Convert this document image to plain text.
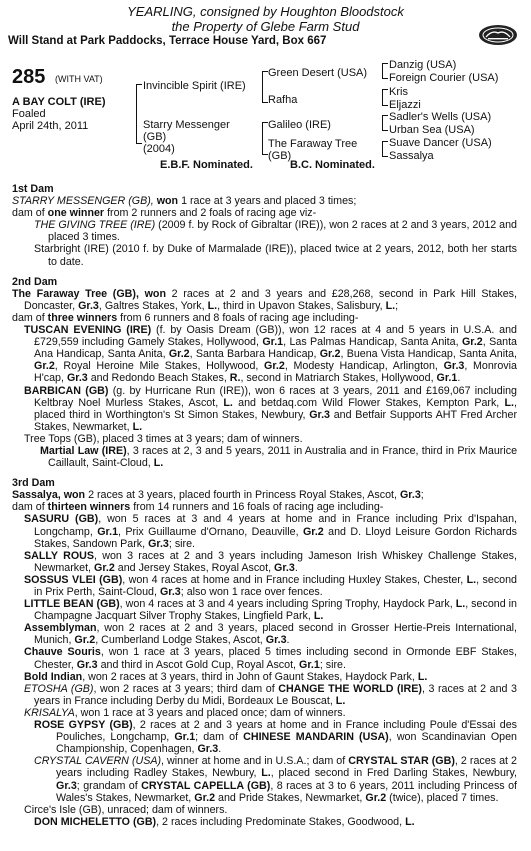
YEARLING, consigned by Houghton Bloodstock
the Property of Glebe Farm Stud
Will Stand at Park Paddocks, Terrace House Yard, Box 667
285 (WITH VAT)
A BAY COLT (IRE)
Foaled
April 24th, 2011
Invincible Spirit (IRE)
Starry Messenger
(GB)
(2004)
Green Desert (USA)
Rafha
Galileo (IRE)
The Faraway Tree
(GB)
Danzig (USA)
Foreign Courier (USA)
Kris
Eljazzi
Sadler's Wells (USA)
Urban Sea (USA)
Suave Dancer (USA)
Sassalya
E.B.F. Nominated.	B.C. Nominated.

1st Dam

STARRY MESSENGER (GB), won 1 race at 3 years and placed 3 times;

dam of one winner from 2 runners and 2 foals of racing age viz-

THE GIVING TREE (IRE) (2009 f. by Rock of Gibraltar (IRE)), won 2 races at 2 and 3 years, 2012 and placed 3 times.

Starbright (IRE) (2010 f. by Duke of Marmalade (IRE)), placed twice at 2 years, 2012, both her starts to date.

2nd Dam

The Faraway Tree (GB), won 2 races at 2 and 3 years and £28,268, second in Park Hill Stakes, Doncaster, Gr.3, Galtres Stakes, York, L., third in Upavon Stakes, Salisbury, L.;

dam of three winners from 6 runners and 8 foals of racing age including-

TUSCAN EVENING (IRE) (f. by Oasis Dream (GB)), won 12 races at 4 and 5 years in U.S.A. and £729,559 including Gamely Stakes, Hollywood, Gr.1, Las Palmas Handicap, Santa Anita, Gr.2, Santa Ana Handicap, Santa Anita, Gr.2, Santa Barbara Handicap, Gr.2, Buena Vista Handicap, Santa Anita, Gr.2, Royal Heroine Mile Stakes, Hollywood, Gr.2, Modesty Handicap, Arlington, Gr.3, Monrovia H'cap, Gr.3 and Redondo Beach Stakes, R., second in Matriarch Stakes, Hollywood, Gr.1.

BARBICAN (GB) (g. by Hurricane Run (IRE)), won 6 races at 3 years, 2011 and £169,067 including Keltbray Noel Murless Stakes, Ascot, L. and betdaq.com Wild Flower Stakes, Kempton Park, L., placed third in Worthington's St Simon Stakes, Newbury, Gr.3 and Betfair Supports AHT Fred Archer Stakes, Newmarket, L.

Tree Tops (GB), placed 3 times at 3 years; dam of winners.

Martial Law (IRE), 3 races at 2, 3 and 5 years, 2011 in Australia and in France, third in Prix Maurice Caillault, Saint-Cloud, L.

3rd Dam

Sassalya, won 2 races at 3 years, placed fourth in Princess Royal Stakes, Ascot, Gr.3;

dam of thirteen winners from 14 runners and 16 foals of racing age including-

SASURU (GB), won 5 races at 3 and 4 years at home and in France including Prix d'Ispahan, Longchamp, Gr.1, Prix Guillaume d'Ornano, Deauville, Gr.2 and D. Lloyd Leisure Gordon Richards Stakes, Sandown Park, Gr.3; sire.

SALLY ROUS, won 3 races at 2 and 3 years including Jameson Irish Whiskey Challenge Stakes, Newmarket, Gr.2 and Jersey Stakes, Royal Ascot, Gr.3.

SOSSUS VLEI (GB), won 4 races at home and in France including Huxley Stakes, Chester, L., second in Prix Perth, Saint-Cloud, Gr.3; also won 1 race over fences.

LITTLE BEAN (GB), won 4 races at 3 and 4 years including Spring Trophy, Haydock Park, L., second in Champagne Jacquart Silver Trophy Stakes, Lingfield Park, L.

Assemblyman, won 2 races at 2 and 3 years, placed second in Grosser Hertie-Preis International, Munich, Gr.2, Cumberland Lodge Stakes, Ascot, Gr.3.

Chauve Souris, won 1 race at 3 years, placed 5 times including second in Ormonde EBF Stakes, Chester, Gr.3 and third in Ascot Gold Cup, Royal Ascot, Gr.1; sire.

Bold Indian, won 2 races at 3 years, third in John of Gaunt Stakes, Haydock Park, L.

ETOSHA (GB), won 2 races at 3 years; third dam of CHANGE THE WORLD (IRE), 3 races at 2 and 3 years in France including Derby du Midi, Bordeaux Le Bouscat, L.

KRISALYA, won 1 race at 3 years and placed once; dam of winners.

ROSE GYPSY (GB), 2 races at 2 and 3 years at home and in France including Poule d'Essai des Pouliches, Longchamp, Gr.1; dam of CHINESE MANDARIN (USA), won Scandinavian Open Championship, Copenhagen, Gr.3.

CRYSTAL CAVERN (USA), winner at home and in U.S.A.; dam of CRYSTAL STAR (GB), 2 races at 2 years including Radley Stakes, Newbury, L., placed second in Fred Darling Stakes, Newbury, Gr.3; grandam of CRYSTAL CAPELLA (GB), 8 races at 3 to 6 years, 2011 including Princess of Wales's Stakes, Newmarket, Gr.2 and Pride Stakes, Newmarket, Gr.2 (twice), placed 7 times.

Circe's Isle (GB), unraced; dam of winners.

DON MICHELETTO (GB), 2 races including Predominate Stakes, Goodwood, L.
